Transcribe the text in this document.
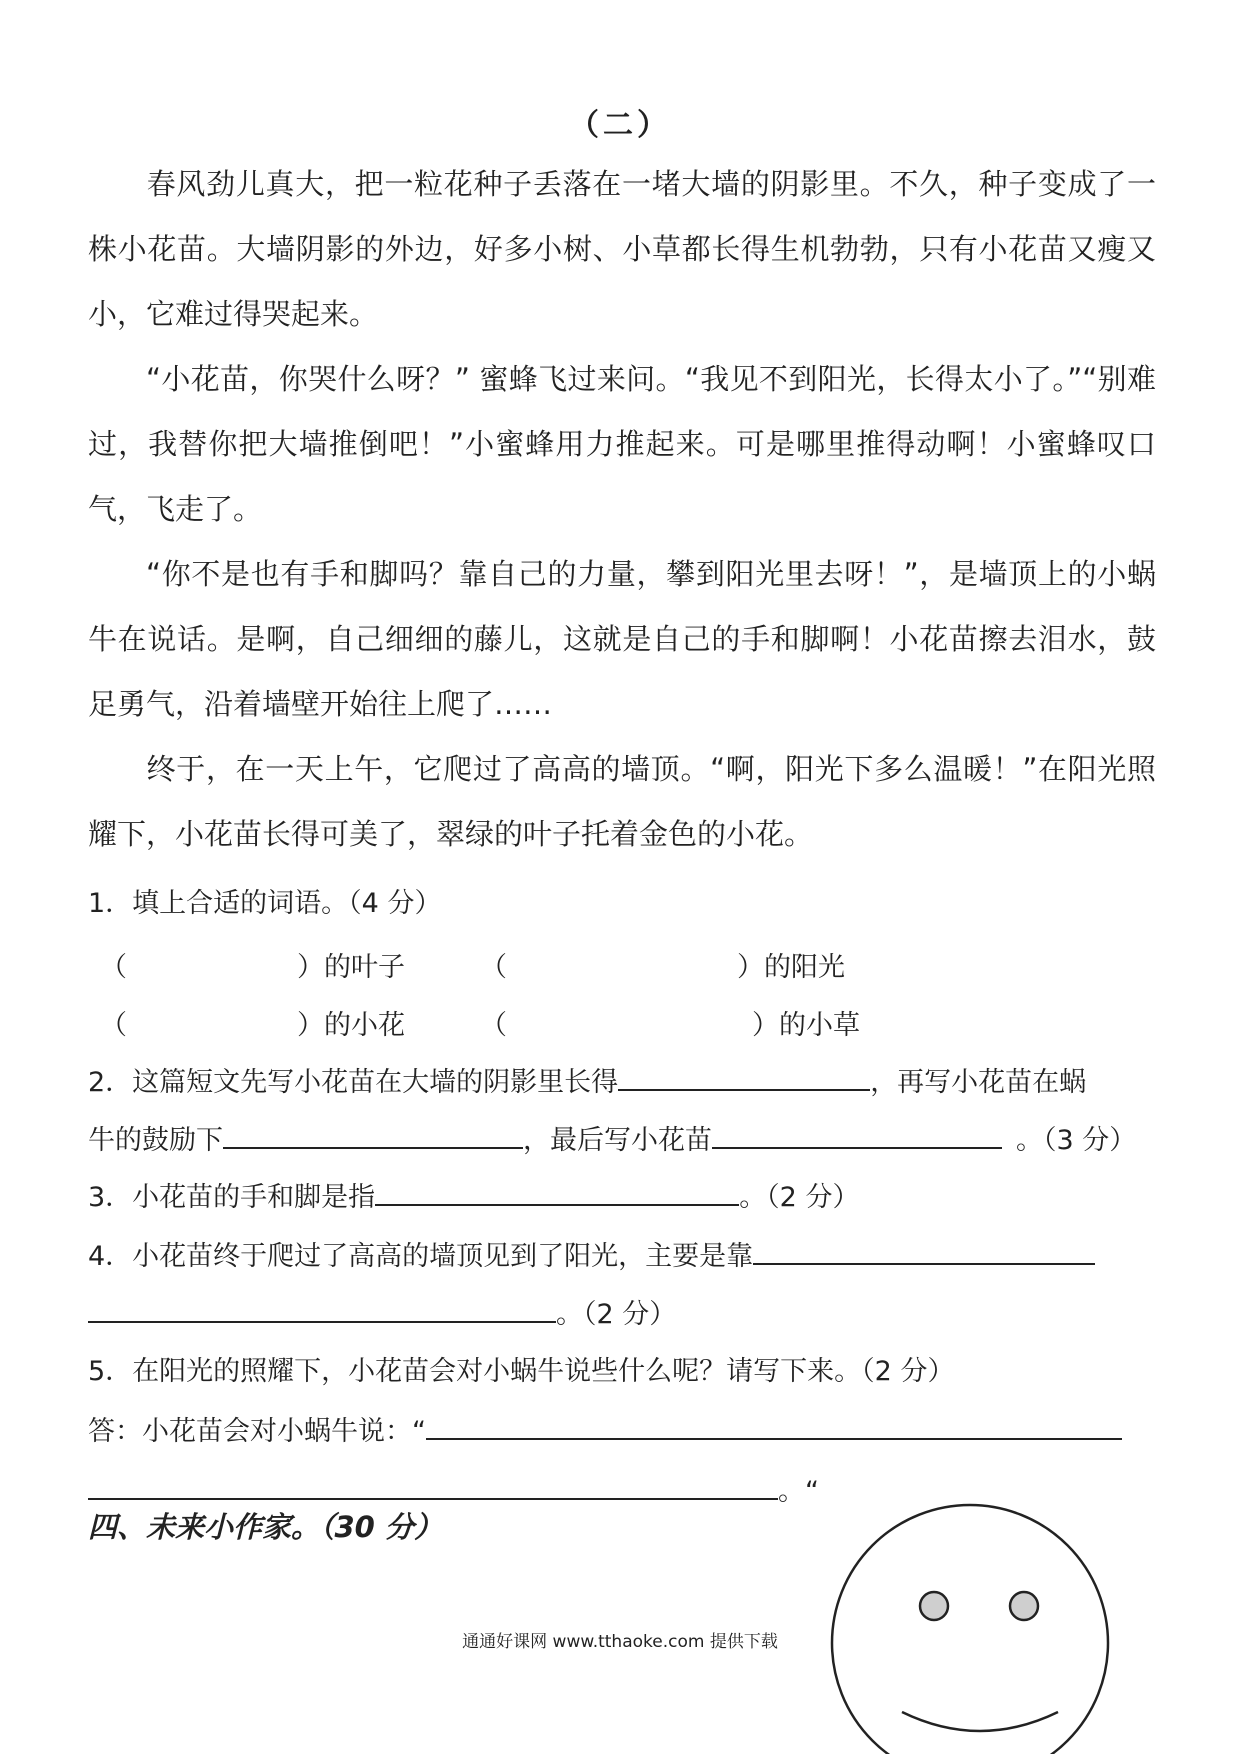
（二）
春风劲儿真大，把一粒花种子丢落在一堵大墙的阴影里。不久，种子变成了一株小花苗。大墙阴影的外边，好多小树、小草都长得生机勃勃，只有小花苗又瘦又小，它难过得哭起来。
“小花苗，你哭什么呀？” 蜜蜂飞过来问。“我见不到阳光，长得太小了。”“别难过，我替你把大墙推倒吧！”小蜜蜂用力推起来。可是哪里推得动啊！小蜜蜂叹口气，飞走了。
“你不是也有手和脚吗？靠自己的力量，攀到阳光里去呀！”，是墙顶上的小蜗牛在说话。是啊，自己细细的藤儿，这就是自己的手和脚啊！小花苗擦去泪水，鼓足勇气，沿着墙壁开始往上爬了……
终于，在一天上午，它爬过了高高的墙顶。“啊，阳光下多么温暖！”在阳光照耀下，小花苗长得可美了，翠绿的叶子托着金色的小花。
1．填上合适的词语。（4 分）
（	）的叶子	（	）的阳光
（	）的小花	（	）的小草
2．这篇短文先写小花苗在大墙的阴影里长得	，再写小花苗在蜗
牛的鼓励下	，最后写小花苗	。（3 分）
3．小花苗的手和脚是指	。（2 分）
4．小花苗终于爬过了高高的墙顶见到了阳光，主要是靠
。（2 分）
5．在阳光的照耀下，小花苗会对小蜗牛说些什么呢？请写下来。（2 分）
答：小花苗会对小蜗牛说：“
。“
四、未来小作家。（30 分）
通通好课网 www.tthaoke.com 提供下载
